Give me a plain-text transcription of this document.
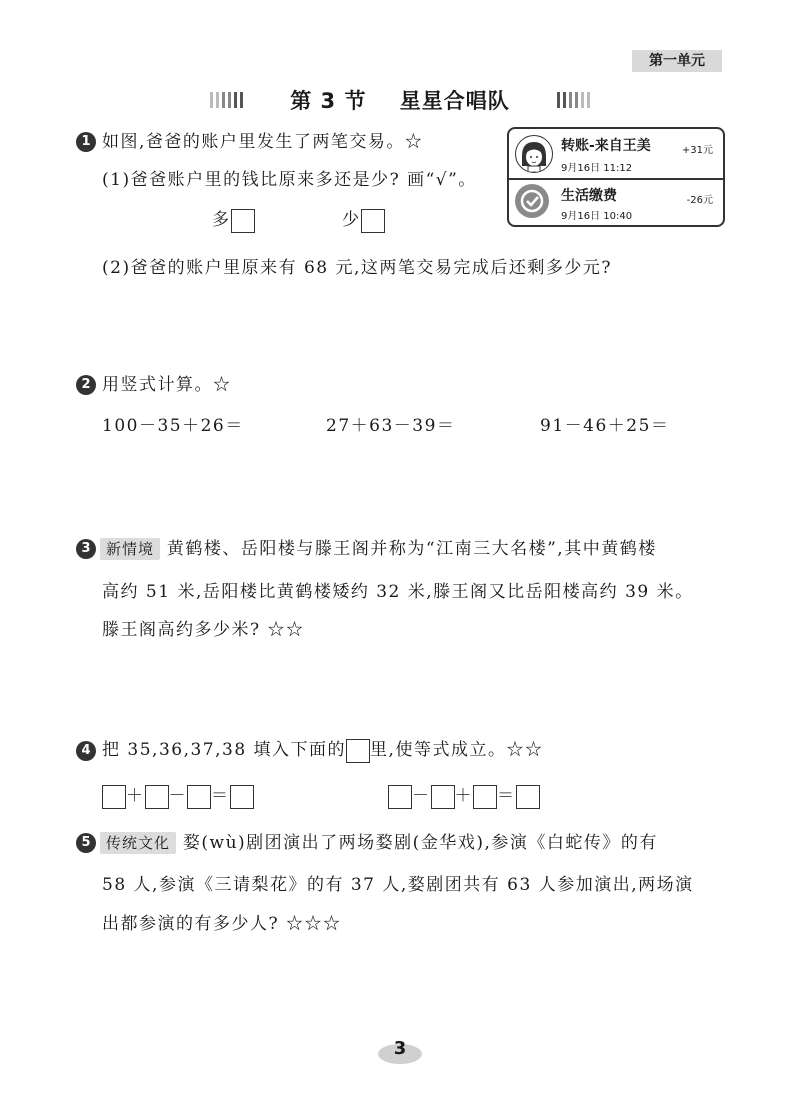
第一单元
第 3 节    星星合唱队
1 如图,爸爸的账户里发生了两笔交易。☆
(1)爸爸账户里的钱比原来多还是少? 画“√”。
多	少
(2)爸爸的账户里原来有 68 元,这两笔交易完成后还剩多少元?
转账-来自王美	+31元
9月16日 11:12
生活缴费	-26元
9月16日 10:40
2 用竖式计算。☆
100－35＋26＝	27＋63－39＝	91－46＋25＝
3	新情境 黄鹤楼、岳阳楼与滕王阁并称为“江南三大名楼”,其中黄鹤楼
高约 51 米,岳阳楼比黄鹤楼矮约 32 米,滕王阁又比岳阳楼高约 39 米。
滕王阁高约多少米? ☆☆
4 把 35,36,37,38 填入下面的 里,使等式成立。☆☆
＋ － ＝	－ ＋ ＝
5	传统文化 婺(wù)剧团演出了两场婺剧(金华戏),参演《白蛇传》的有
58 人,参演《三请梨花》的有 37 人,婺剧团共有 63 人参加演出,两场演
出都参演的有多少人? ☆☆☆
3
